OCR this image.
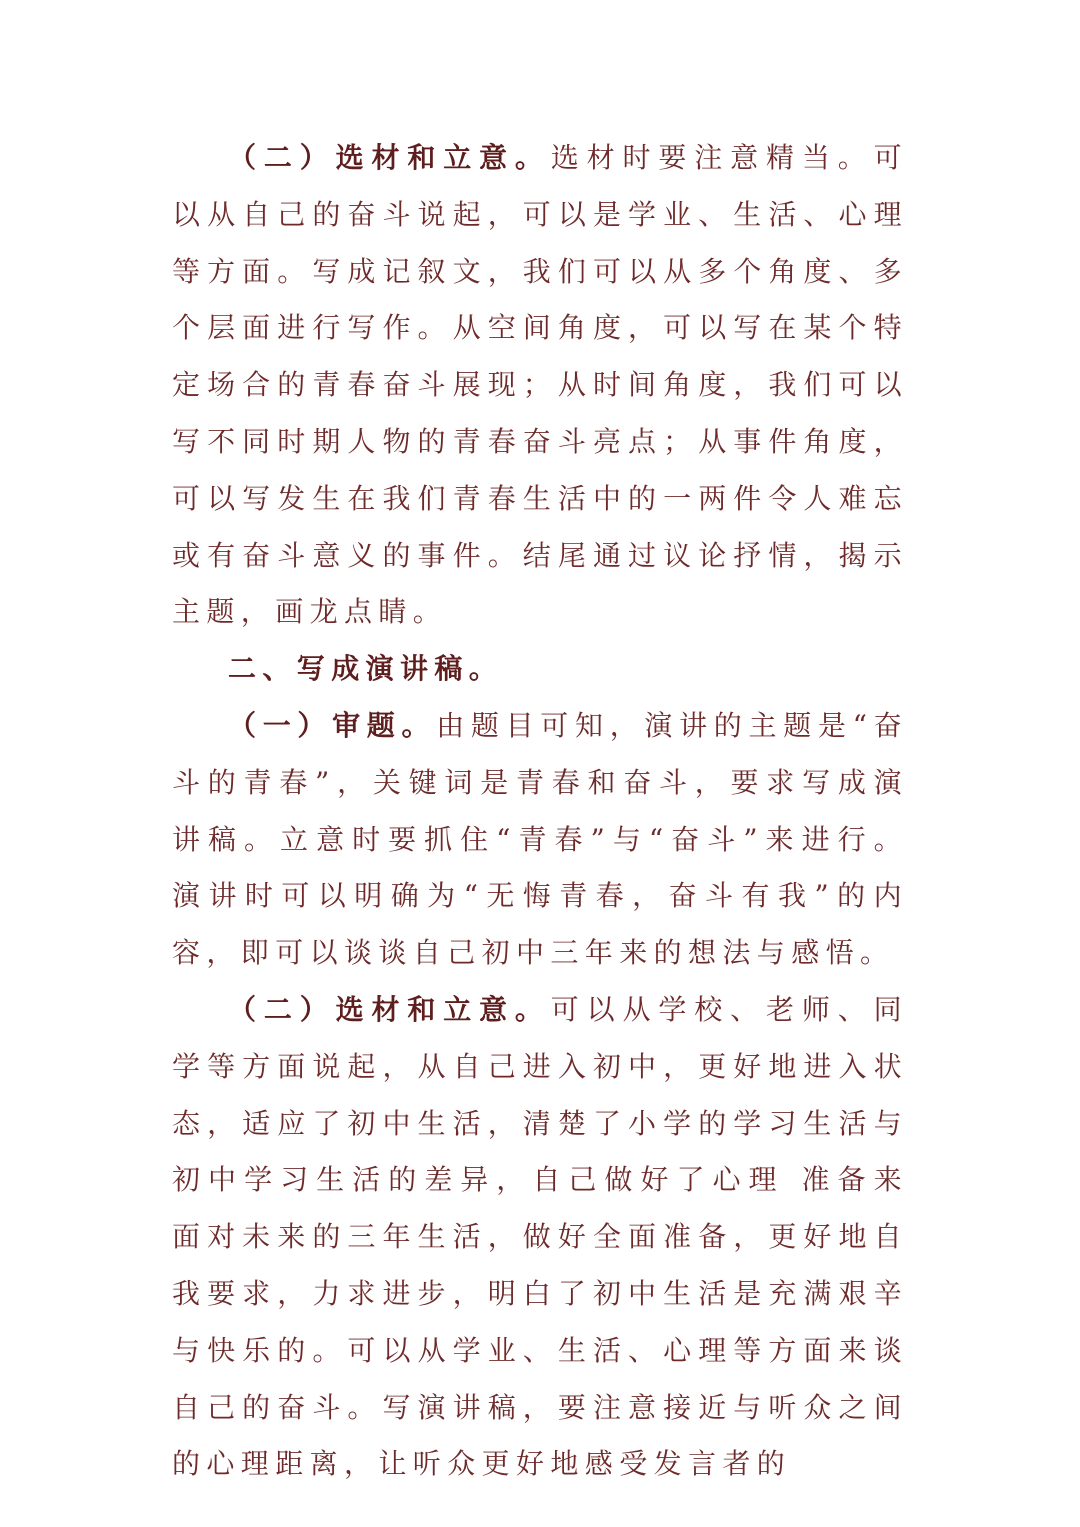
（二）选材和立意。选材时要注意精当。可以从自己的奋斗说起，可以是学业、生活、心理等方面。写成记叙文，我们可以从多个角度、多个层面进行写作。从空间角度，可以写在某个特定场合的青春奋斗展现；从时间角度，我们可以写不同时期人物的青春奋斗亮点；从事件角度，可以写发生在我们青春生活中的一两件令人难忘或有奋斗意义的事件。结尾通过议论抒情，揭示主题，画龙点睛。

二、写成演讲稿。

（一）审题。由题目可知，演讲的主题是“奋斗的青春”，关键词是青春和奋斗，要求写成演讲稿。立意时要抓住“青春”与“奋斗”来进行。演讲时可以明确为“无悔青春，奋斗有我”的内容，即可以谈谈自己初中三年来的想法与感悟。

（二）选材和立意。可以从学校、老师、同学等方面说起，从自己进入初中，更好地进入状态，适应了初中生活，清楚了小学的学习生活与初中学习生活的差异，自己做好了心理 准备来面对未来的三年生活，做好全面准备，更好地自我要求，力求进步，明白了初中生活是充满艰辛与快乐的。可以从学业、生活、心理等方面来谈自己的奋斗。写演讲稿，要注意接近与听众之间的心理距离，让听众更好地感受发言者的
